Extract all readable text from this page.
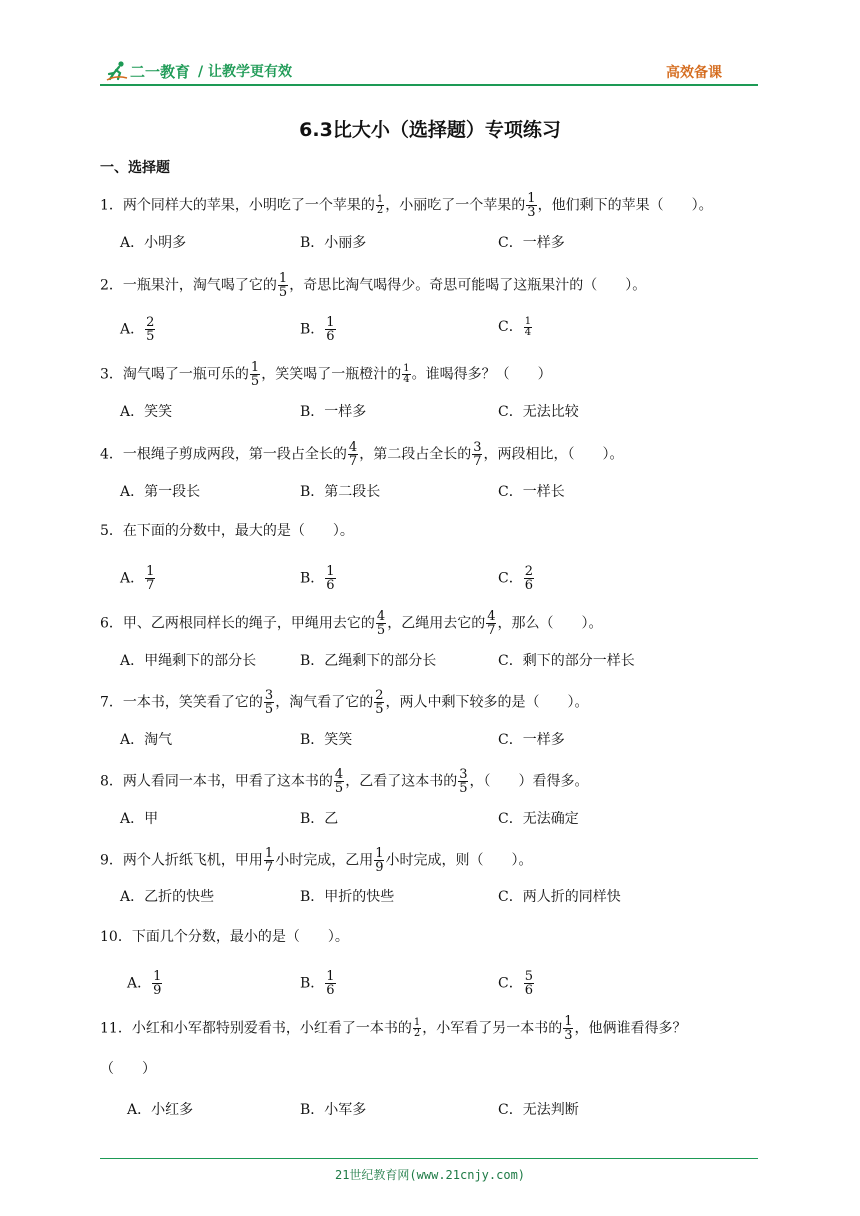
二一教育 / 让教学更有效	高效备课
6.3比大小（选择题）专项练习
一、选择题
1．两个同样大的苹果，小明吃了一个苹果的 $\frac{1}{2}$ ，小丽吃了一个苹果的 $\frac{1}{3}$ ，他们剩下的苹果（　　）。
A．小明多	B．小丽多	C．一样多
2．一瓶果汁，淘气喝了它的 $\frac{1}{5}$ ，奇思比淘气喝得少。奇思可能喝了这瓶果汁的（　　）。
A． $\frac{2}{5}$	B． $\frac{1}{6}$	C． $\frac{1}{4}$
3．淘气喝了一瓶可乐的 $\frac{1}{5}$ ，笑笑喝了一瓶橙汁的 $\frac{1}{4}$ 。谁喝得多？（　　）
A．笑笑	B．一样多	C．无法比较
4．一根绳子剪成两段，第一段占全长的 $\frac{4}{7}$ ，第二段占全长的 $\frac{3}{7}$ ，两段相比，（　　）。
A．第一段长	B．第二段长	C．一样长
5．在下面的分数中，最大的是（　　）。
A． $\frac{1}{7}$	B． $\frac{1}{6}$	C． $\frac{2}{6}$
6．甲、乙两根同样长的绳子，甲绳用去它的 $\frac{4}{5}$ ，乙绳用去它的 $\frac{4}{7}$ ，那么（　　）。
A．甲绳剩下的部分长	B．乙绳剩下的部分长	C．剩下的部分一样长
7．一本书，笑笑看了它的 $\frac{3}{5}$ ，淘气看了它的 $\frac{2}{5}$ ，两人中剩下较多的是（　　）。
A．淘气	B．笑笑	C．一样多
8．两人看同一本书，甲看了这本书的 $\frac{4}{5}$ ，乙看了这本书的 $\frac{3}{5}$ ，（　　）看得多。
A．甲	B．乙	C．无法确定
9．两个人折纸飞机，甲用 $\frac{1}{7}$ 小时完成，乙用 $\frac{1}{9}$ 小时完成，则（　　）。
A．乙折的快些	B．甲折的快些	C．两人折的同样快
10．下面几个分数，最小的是（　　）。
A． $\frac{1}{9}$	B． $\frac{1}{6}$	C． $\frac{5}{6}$
11．小红和小军都特别爱看书，小红看了一本书的 $\frac{1}{2}$ ，小军看了另一本书的 $\frac{1}{3}$ ，他俩谁看得多？
（　　）
A．小红多	B．小军多	C．无法判断
21世纪教育网(www.21cnjy.com)
